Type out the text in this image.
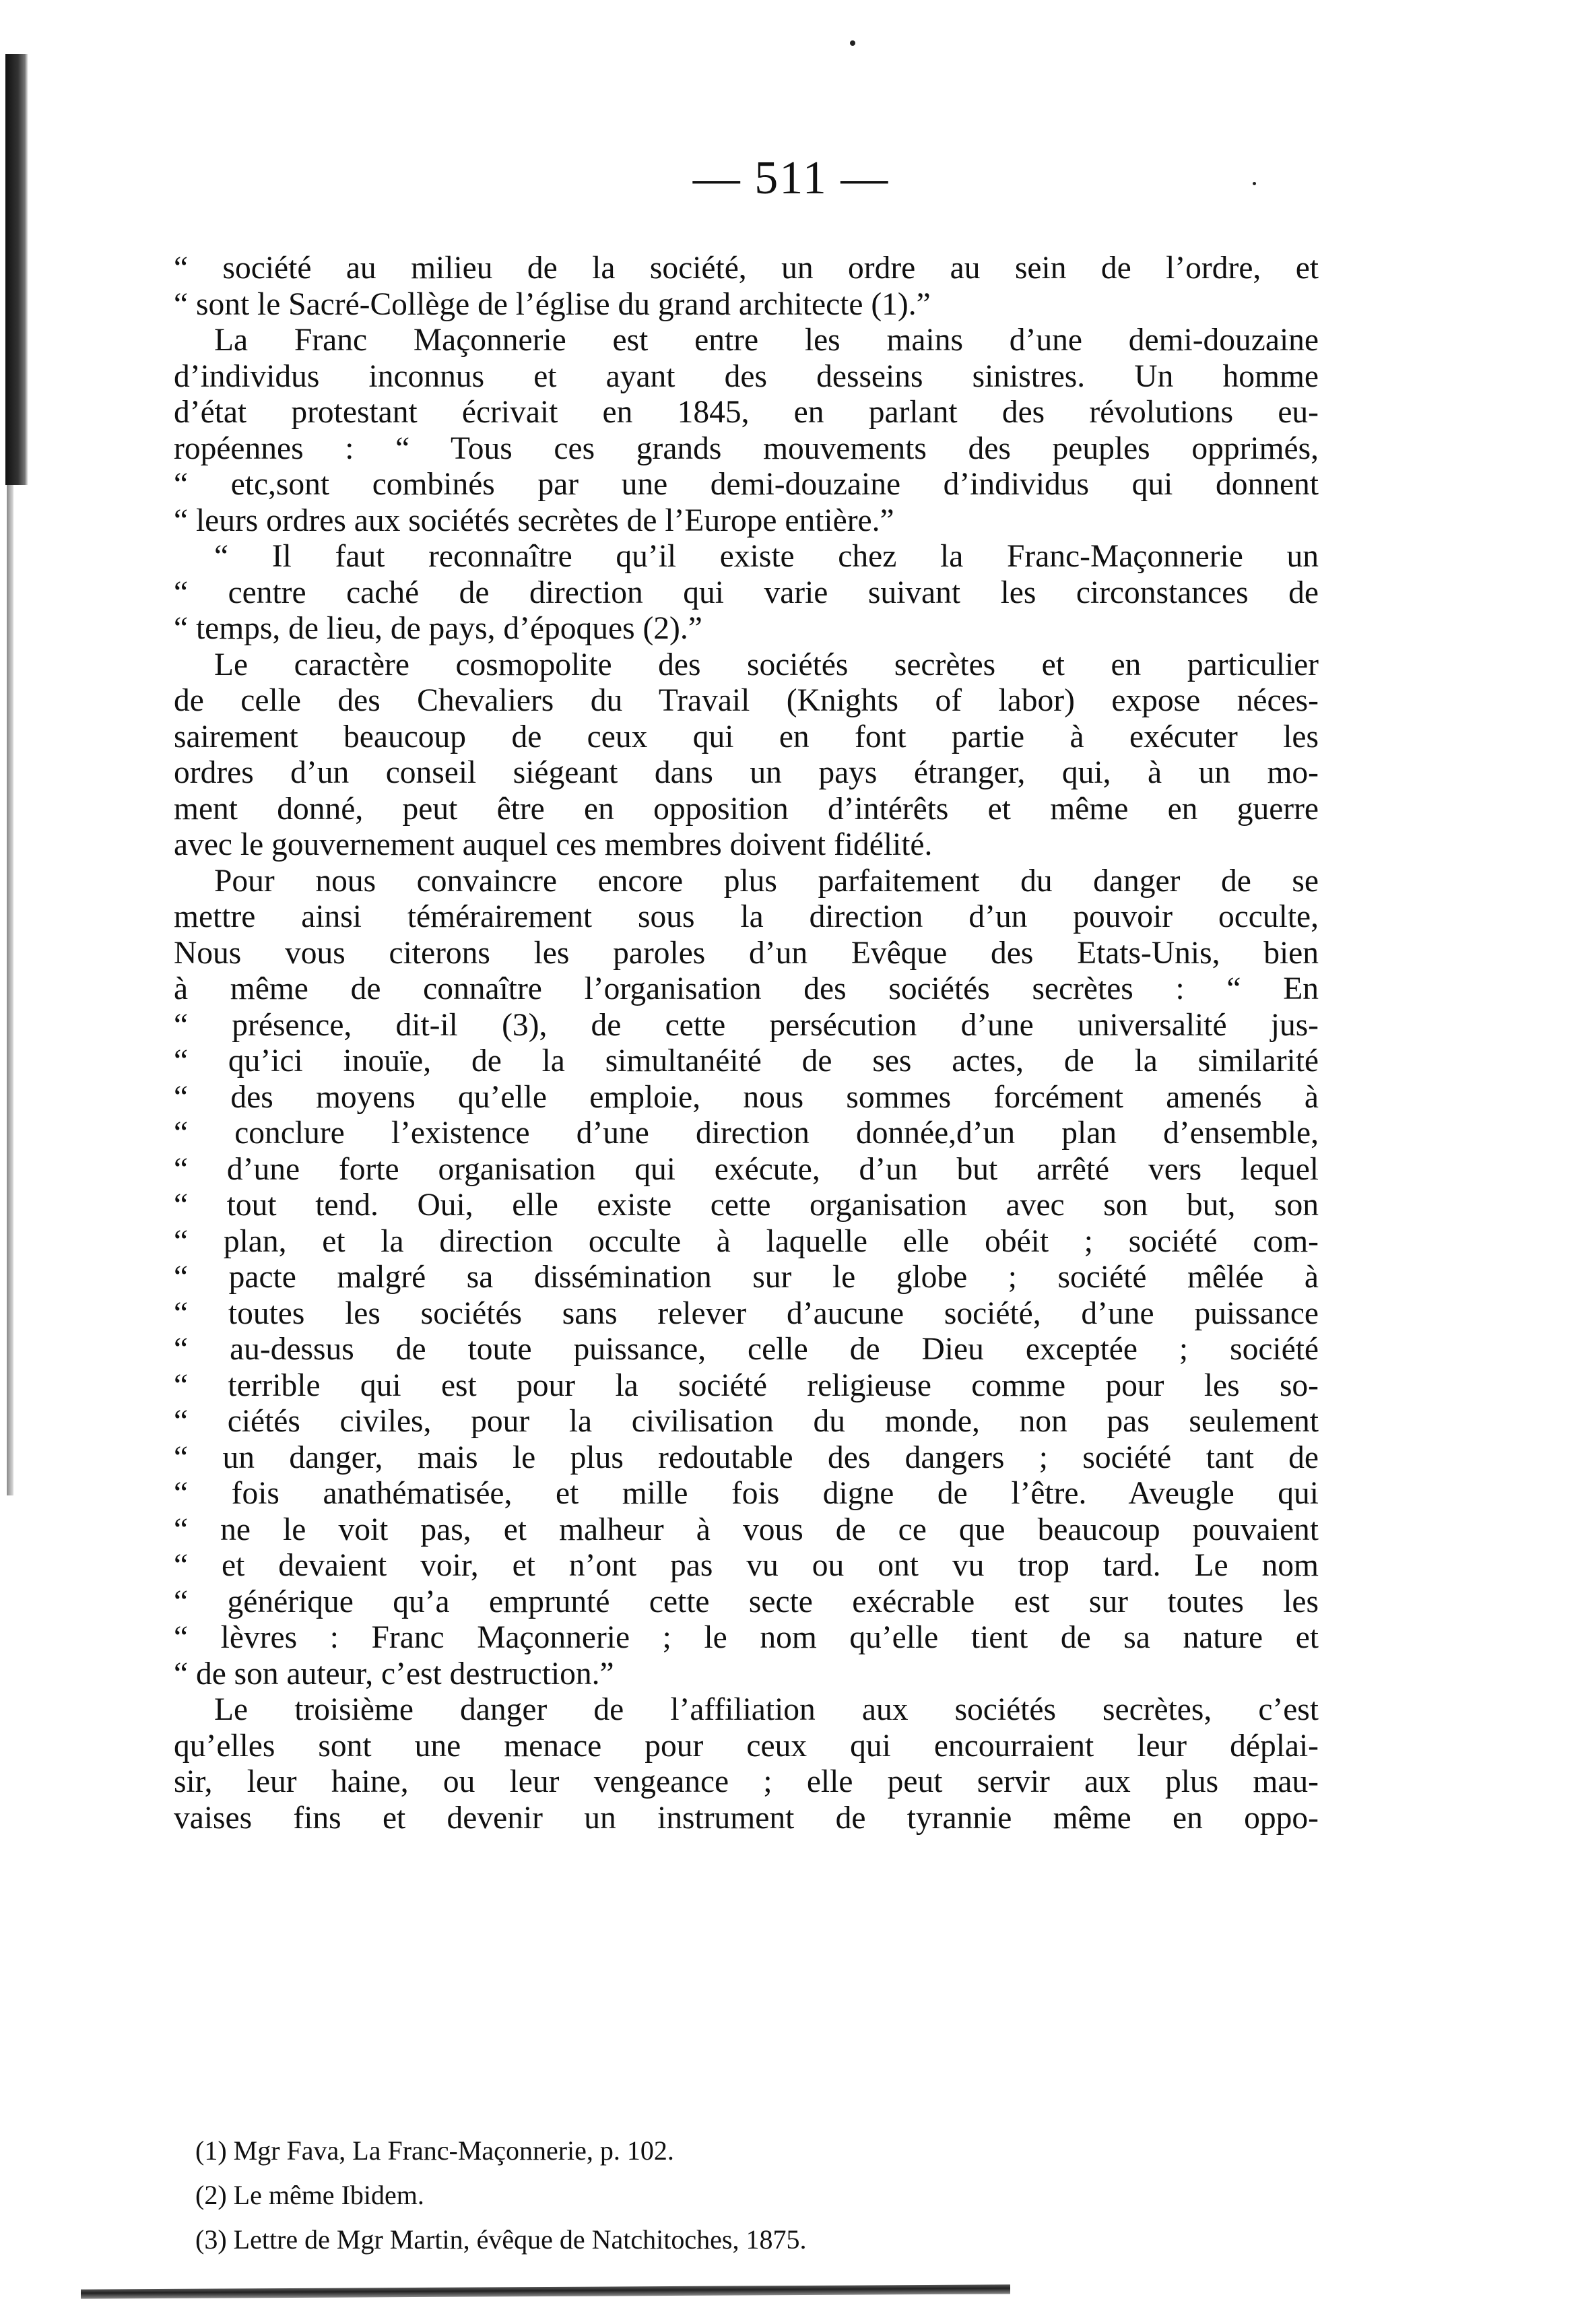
— 511 —
“ société au milieu de la société, un ordre au sein de l’ordre, et
“ sont le Sacré-Collège de l’église du grand architecte (1).”
La Franc Maçonnerie est entre les mains d’une demi-douzaine
d’individus inconnus et ayant des desseins sinistres. Un homme
d’état protestant écrivait en 1845, en parlant des révolutions eu-
ropéennes : “ Tous ces grands mouvements des peuples opprimés,
“ etc,sont combinés par une demi-douzaine d’individus qui donnent
“ leurs ordres aux sociétés secrètes de l’Europe entière.”
“ Il faut reconnaître qu’il existe chez la Franc-Maçonnerie un
“ centre caché de direction qui varie suivant les circonstances de
“ temps, de lieu, de pays, d’époques (2).”
Le caractère cosmopolite des sociétés secrètes et en particulier
de celle des Chevaliers du Travail (Knights of labor) expose néces-
sairement beaucoup de ceux qui en font partie à exécuter les
ordres d’un conseil siégeant dans un pays étranger, qui, à un mo-
ment donné, peut être en opposition d’intérêts et même en guerre
avec le gouvernement auquel ces membres doivent fidélité.
Pour nous convaincre encore plus parfaitement du danger de se
mettre ainsi témérairement sous la direction d’un pouvoir occulte,
Nous vous citerons les paroles d’un Evêque des Etats-Unis, bien
à même de connaître l’organisation des sociétés secrètes : “ En
“ présence, dit-il (3), de cette persécution d’une universalité jus-
“ qu’ici inouïe, de la simultanéité de ses actes, de la similarité
“ des moyens qu’elle emploie, nous sommes forcément amenés à
“ conclure l’existence d’une direction donnée,d’un plan d’ensemble,
“ d’une forte organisation qui exécute, d’un but arrêté vers lequel
“ tout tend. Oui, elle existe cette organisation avec son but, son
“ plan, et la direction occulte à laquelle elle obéit ; société com-
“ pacte malgré sa dissémination sur le globe ; société mêlée à
“ toutes les sociétés sans relever d’aucune société, d’une puissance
“ au-dessus de toute puissance, celle de Dieu exceptée ; société
“ terrible qui est pour la société religieuse comme pour les so-
“ ciétés civiles, pour la civilisation du monde, non pas seulement
“ un danger, mais le plus redoutable des dangers ; société tant de
“ fois anathématisée, et mille fois digne de l’être. Aveugle qui
“ ne le voit pas, et malheur à vous de ce que beaucoup pouvaient
“ et devaient voir, et n’ont pas vu ou ont vu trop tard. Le nom
“ générique qu’a emprunté cette secte exécrable est sur toutes les
“ lèvres : Franc Maçonnerie ; le nom qu’elle tient de sa nature et
“ de son auteur, c’est destruction.”
Le troisième danger de l’affiliation aux sociétés secrètes, c’est
qu’elles sont une menace pour ceux qui encourraient leur déplai-
sir, leur haine, ou leur vengeance ; elle peut servir aux plus mau-
vaises fins et devenir un instrument de tyrannie même en oppo-
(1) Mgr Fava, La Franc-Maçonnerie, p. 102.
(2) Le même Ibidem.
(3) Lettre de Mgr Martin, évêque de Natchitoches, 1875.
